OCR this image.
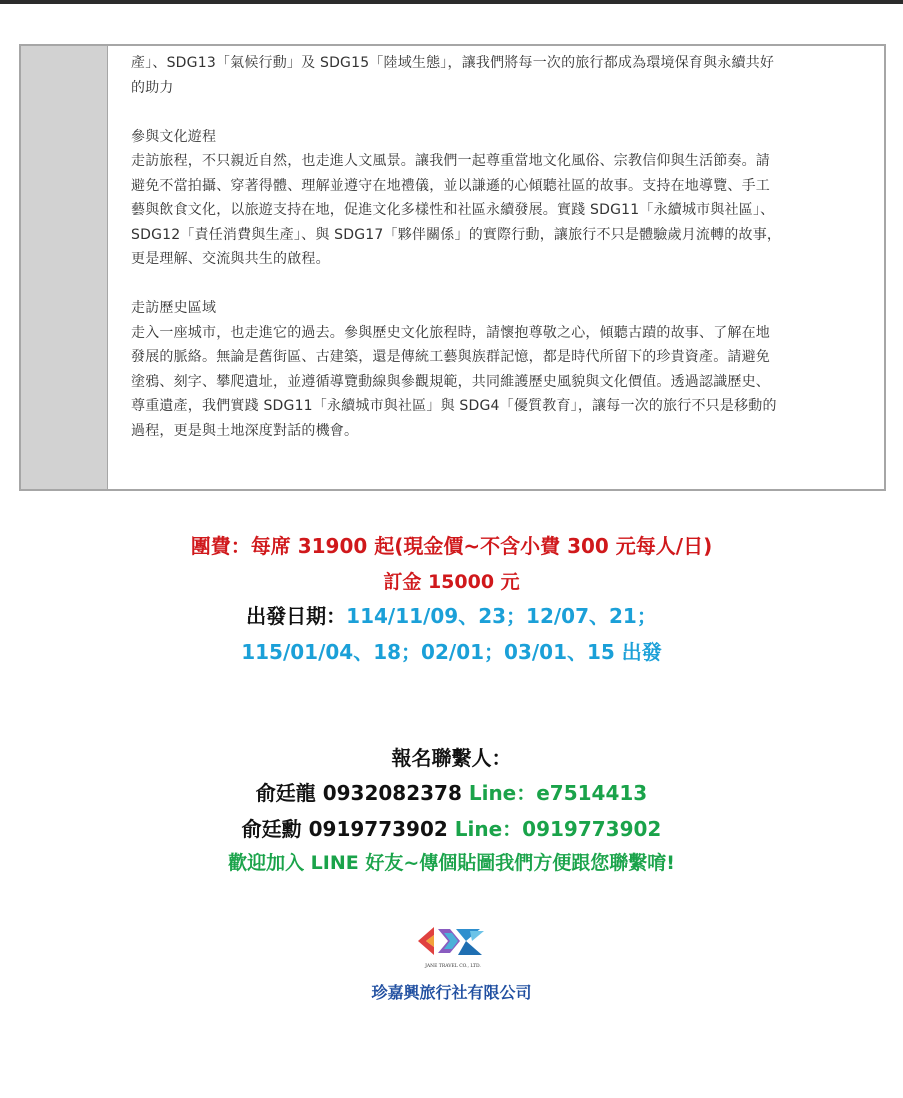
產」、SDG13「氣候行動」及 SDG15「陸域生態」，讓我們將每一次的旅行都成為環境保育與永續共好

的助力

參與文化遊程

走訪旅程，不只親近自然，也走進人文風景。讓我們一起尊重當地文化風俗、宗教信仰與生活節奏。請

避免不當拍攝、穿著得體、理解並遵守在地禮儀，並以謙遜的心傾聽社區的故事。支持在地導覽、手工

藝與飲食文化，以旅遊支持在地，促進文化多樣性和社區永續發展。實踐 SDG11「永續城市與社區」、

SDG12「責任消費與生產」、與 SDG17「夥伴關係」的實際行動，讓旅行不只是體驗歲月流轉的故事，

更是理解、交流與共生的啟程。

走訪歷史區域

走入一座城市，也走進它的過去。參與歷史文化旅程時，請懷抱尊敬之心，傾聽古蹟的故事、了解在地

發展的脈絡。無論是舊街區、古建築，還是傳統工藝與族群記憶，都是時代所留下的珍貴資產。請避免

塗鴉、刻字、攀爬遺址，並遵循導覽動線與參觀規範，共同維護歷史風貌與文化價值。透過認識歷史、

尊重遺產，我們實踐 SDG11「永續城市與社區」與 SDG4「優質教育」，讓每一次的旅行不只是移動的

過程，更是與土地深度對話的機會。

團費：每席 31900 起(現金價~不含小費 300 元每人/日)
訂金 15000 元
出發日期：114/11/09、23；12/07、21；
115/01/04、18；02/01；03/01、15 出發
報名聯繫人：
俞廷龍 0932082378 Line：e7514413
俞廷勳 0919773902 Line：0919773902
歡迎加入 LINE 好友~傳個貼圖我們方便跟您聯繫唷!
JANE TRAVEL CO., LTD.
珍嘉興旅行社有限公司
